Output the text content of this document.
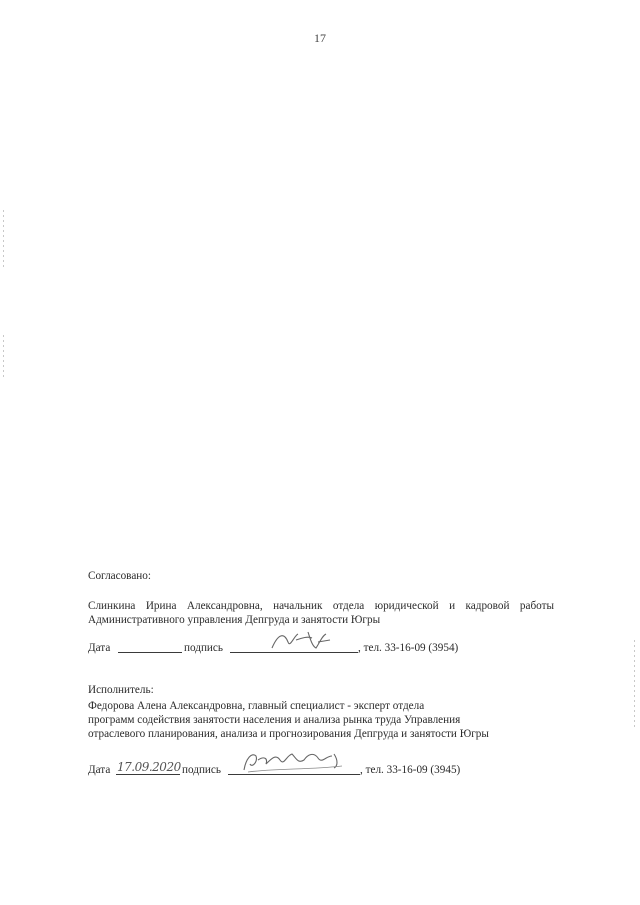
17
Согласовано:
Слинкина Ирина Александровна, начальник отдела юридической и кадровой работы
Административного управления Депгруда и занятости Югры
Дата	подпись	, тел. 33-16-09 (3954)
Исполнитель:
Федорова Алена Александровна, главный специалист - эксперт отдела
программ содействия занятости населения и анализа рынка труда Управления
отраслевого планирования, анализа и прогнозирования Депгруда и занятости Югры
Дата 17.09.2020 подпись	, тел. 33-16-09 (3945)
